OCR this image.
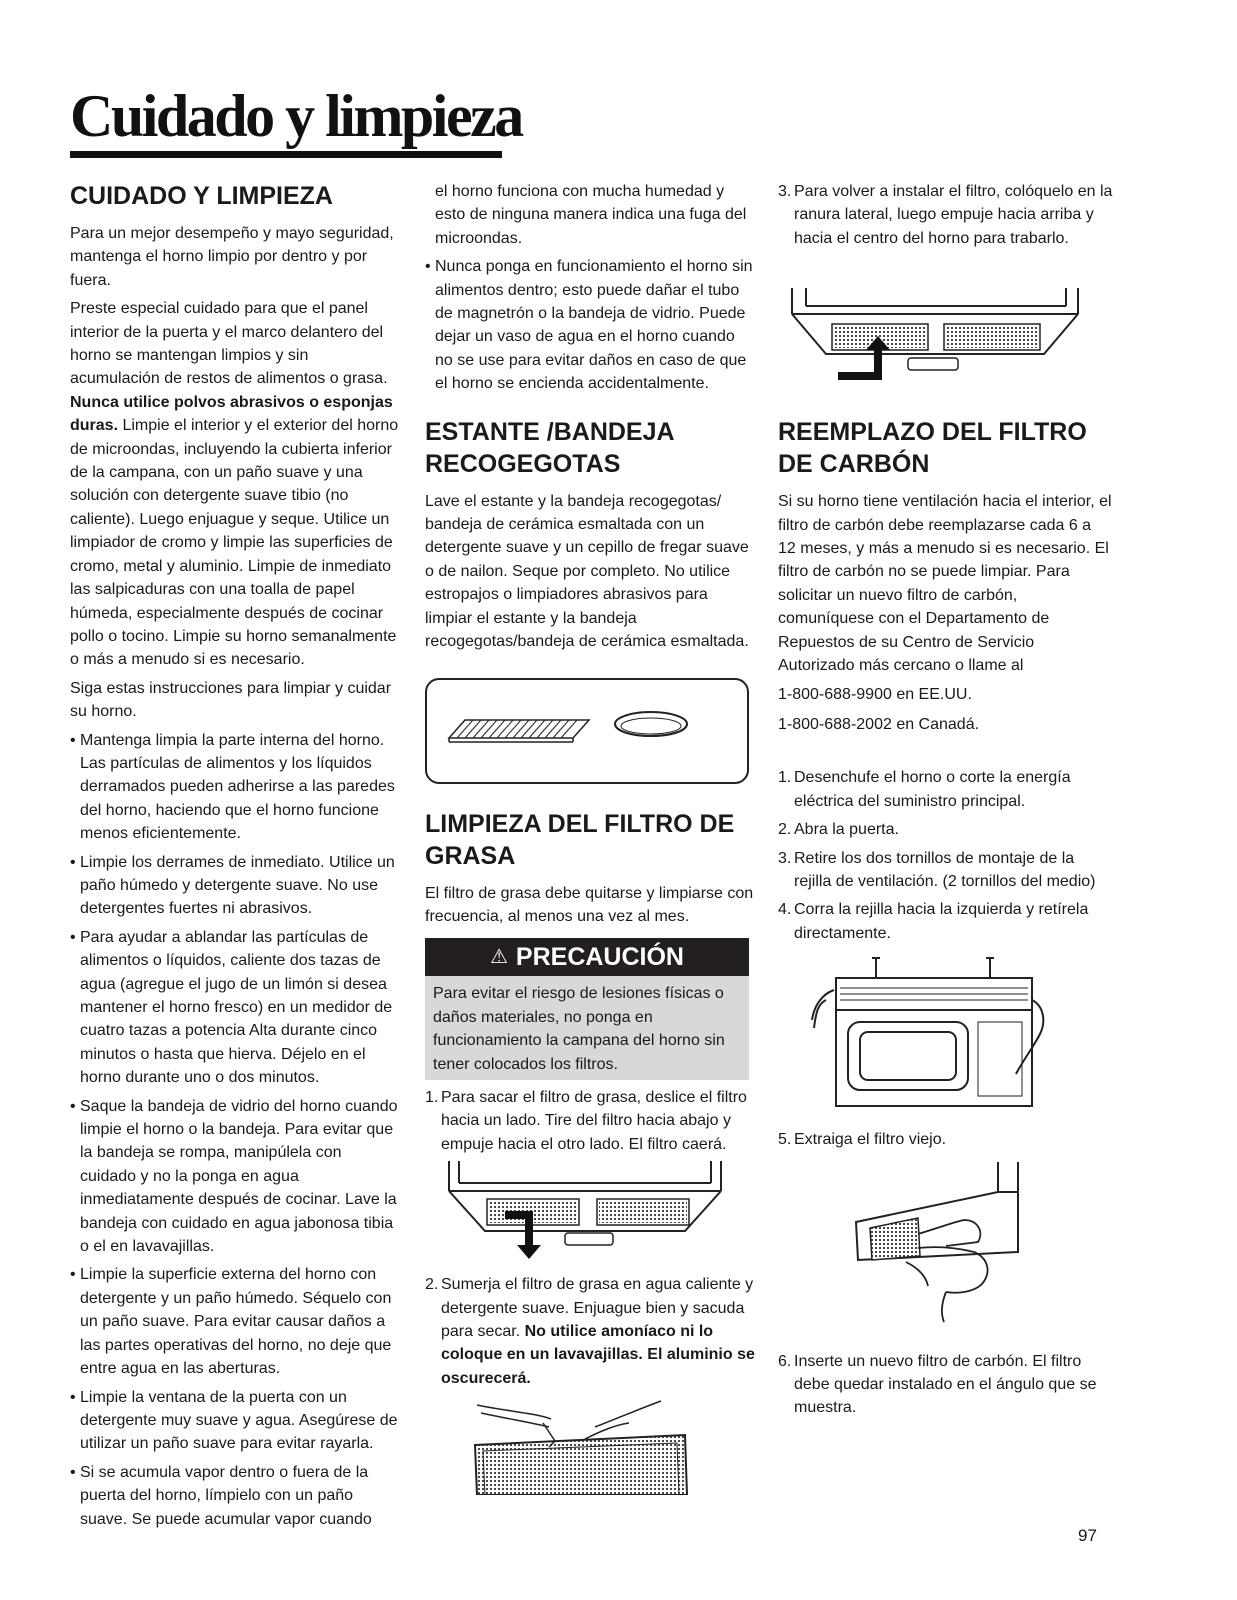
Cuidado y limpieza
CUIDADO Y LIMPIEZA

Para un mejor desempeño y mayo seguridad, mantenga el horno limpio por dentro y por fuera.

Preste especial cuidado para que el panel interior de la puerta y el marco delantero del horno se mantengan limpios y sin acumulación de restos de alimentos o grasa. Nunca utilice polvos abrasivos o esponjas duras. Limpie el interior y el exterior del horno de microondas, incluyendo la cubierta inferior de la campana, con un paño suave y una solución con detergente suave tibio (no caliente). Luego enjuague y seque. Utilice un limpiador de cromo y limpie las superficies de cromo, metal y aluminio. Limpie de inmediato las salpicaduras con una toalla de papel húmeda, especialmente después de cocinar pollo o tocino. Limpie su horno semanalmente o más a menudo si es necesario.

Siga estas instrucciones para limpiar y cuidar su horno.

• Mantenga limpia la parte interna del horno. Las partículas de alimentos y los líquidos derramados pueden adherirse a las paredes del horno, haciendo que el horno funcione menos eficientemente.
• Limpie los derrames de inmediato. Utilice un paño húmedo y detergente suave. No use detergentes fuertes ni abrasivos.
• Para ayudar a ablandar las partículas de alimentos o líquidos, caliente dos tazas de agua (agregue el jugo de un limón si desea mantener el horno fresco) en un medidor de cuatro tazas a potencia Alta durante cinco minutos o hasta que hierva. Déjelo en el horno durante uno o dos minutos.
• Saque la bandeja de vidrio del horno cuando limpie el horno o la bandeja. Para evitar que la bandeja se rompa, manipúlela con cuidado y no la ponga en agua inmediatamente después de cocinar. Lave la bandeja con cuidado en agua jabonosa tibia o el en lavavajillas.
• Limpie la superficie externa del horno con detergente y un paño húmedo. Séquelo con un paño suave. Para evitar causar daños a las partes operativas del horno, no deje que entre agua en las aberturas.
• Limpie la ventana de la puerta con un detergente muy suave y agua. Asegúrese de utilizar un paño suave para evitar rayarla.
• Si se acumula vapor dentro o fuera de la puerta del horno, límpielo con un paño suave. Se puede acumular vapor cuando

el horno funciona con mucha humedad y esto de ninguna manera indica una fuga del microondas.

• Nunca ponga en funcionamiento el horno sin alimentos dentro; esto puede dañar el tubo de magnetrón o la bandeja de vidrio. Puede dejar un vaso de agua en el horno cuando no se use para evitar daños en caso de que el horno se encienda accidentalmente.
ESTANTE /BANDEJA RECOGEGOTAS

Lave el estante y la bandeja recogegotas/ bandeja de cerámica esmaltada con un detergente suave y un cepillo de fregar suave o de nailon. Seque por completo. No utilice estropajos o limpiadores abrasivos para limpiar el estante y la bandeja recogegotas/bandeja de cerámica esmaltada.

LIMPIEZA DEL FILTRO DE GRASA

El filtro de grasa debe quitarse y limpiarse con frecuencia, al menos una vez al mes.

⚠ PRECAUCIÓN
Para evitar el riesgo de lesiones físicas o daños materiales, no ponga en funcionamiento la campana del horno sin tener colocados los filtros.
1. Para sacar el filtro de grasa, deslice el filtro hacia un lado. Tire del filtro hacia abajo y empuje hacia el otro lado. El filtro caerá.
2. Sumerja el filtro de grasa en agua caliente y detergente suave. Enjuague bien y sacuda para secar. No utilice amoníaco ni lo coloque en un lavavajillas. El aluminio se oscurecerá.
3. Para volver a instalar el filtro, colóquelo en la ranura lateral, luego empuje hacia arriba y hacia el centro del horno para trabarlo.
REEMPLAZO DEL FILTRO DE CARBÓN

Si su horno tiene ventilación hacia el interior, el filtro de carbón debe reemplazarse cada 6 a 12 meses, y más a menudo si es necesario. El filtro de carbón no se puede limpiar. Para solicitar un nuevo filtro de carbón, comuníquese con el Departamento de Repuestos de su Centro de Servicio Autorizado más cercano o llame al

1-800-688-9900 en EE.UU.

1-800-688-2002 en Canadá.

1. Desenchufe el horno o corte la energía eléctrica del suministro principal.
2. Abra la puerta.
3. Retire los dos tornillos de montaje de la rejilla de ventilación. (2 tornillos del medio)
4. Corra la rejilla hacia la izquierda y retírela directamente.
5. Extraiga el filtro viejo.
6. Inserte un nuevo filtro de carbón. El filtro debe quedar instalado en el ángulo que se muestra.
97
